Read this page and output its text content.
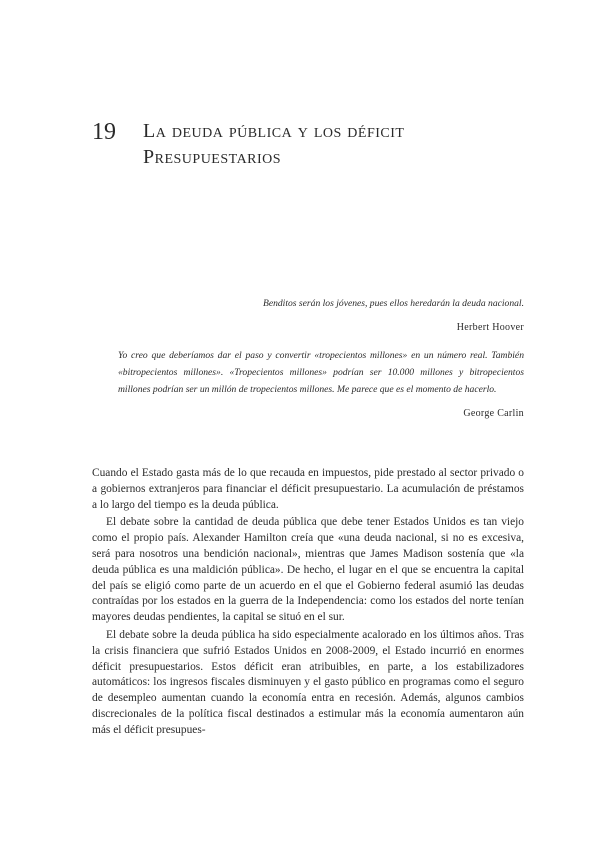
19	la deuda pública y los déficit
Presupuestarios

Benditos serán los jóvenes, pues ellos heredarán la deuda nacional.

Herbert Hoover

Yo creo que deberíamos dar el paso y convertir «tropecientos millones» en un número real. También «bitropecientos millones». «Tropecientos millones» podrían ser 10.000 millones y bitropecientos millones podrían ser un millón de tropecientos millones. Me parece que es el momento de hacerlo.

George Carlin

Cuando el Estado gasta más de lo que recauda en impuestos, pide prestado al sector privado o a gobiernos extranjeros para financiar el déficit presupuestario. La acumulación de préstamos a lo largo del tiempo es la deuda pública.

El debate sobre la cantidad de deuda pública que debe tener Estados Unidos es tan viejo como el propio país. Alexander Hamilton creía que «una deuda nacional, si no es excesiva, será para nosotros una bendición nacional», mientras que James Madison sostenía que «la deuda pública es una maldición pública». De hecho, el lugar en el que se encuentra la capital del país se eligió como parte de un acuerdo en el que el Gobierno federal asumió las deudas contraídas por los estados en la guerra de la Independencia: como los estados del norte tenían mayores deudas pendientes, la capital se situó en el sur.

El debate sobre la deuda pública ha sido especialmente acalorado en los últimos años. Tras la crisis financiera que sufrió Estados Unidos en 2008-2009, el Estado incurrió en enormes déficit presupuestarios. Estos déficit eran atribuibles, en parte, a los estabilizadores automáticos: los ingresos fiscales disminuyen y el gasto público en programas como el seguro de desempleo aumentan cuando la economía entra en recesión. Además, algunos cambios discrecionales de la política fiscal destinados a estimular más la economía aumentaron aún más el déficit presupues-
